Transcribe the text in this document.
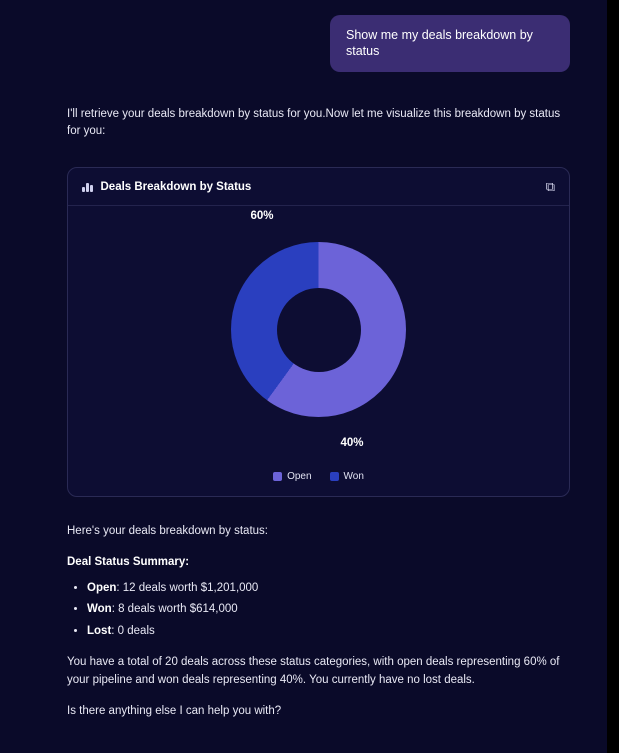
Show me my deals breakdown by status
I'll retrieve your deals breakdown by status for you.Now let me visualize this breakdown by status for you:
Deals Breakdown by Status	⧉
60%
40%
Open	Won

Here's your deals breakdown by status:

Deal Status Summary:

• Open: 12 deals worth $1,201,000
• Won: 8 deals worth $614,000
• Lost: 0 deals

You have a total of 20 deals across these status categories, with open deals representing 60% of your pipeline and won deals representing 40%. You currently have no lost deals.

Is there anything else I can help you with?
